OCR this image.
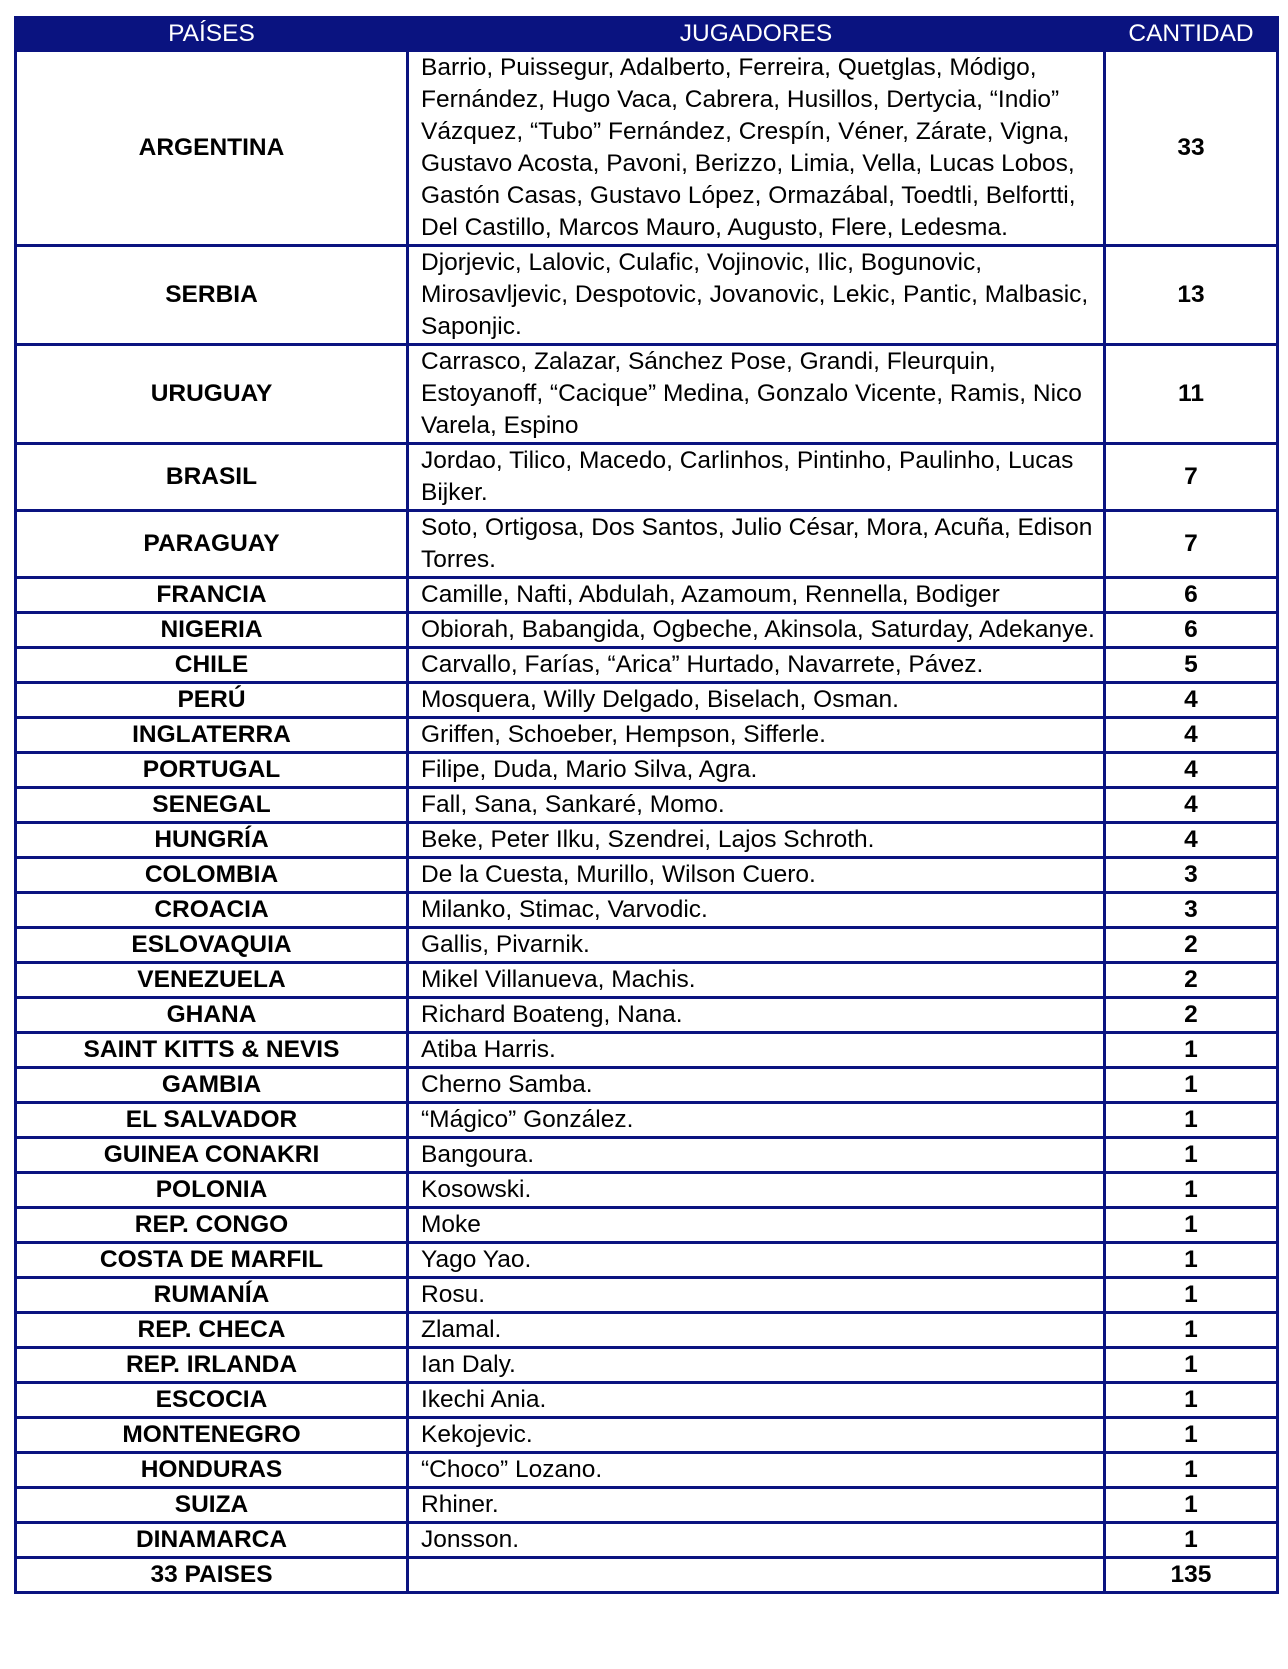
PAÍSES	JUGADORES	CANTIDAD
ARGENTINA	Barrio, Puissegur, Adalberto, Ferreira, Quetglas, Módigo, Fernández, Hugo Vaca, Cabrera, Husillos, Dertycia, “Indio” Vázquez, “Tubo” Fernández, Crespín, Véner, Zárate, Vigna, Gustavo Acosta, Pavoni, Berizzo, Limia, Vella, Lucas Lobos, Gastón Casas, Gustavo López, Ormazábal, Toedtli, Belfortti, Del Castillo, Marcos Mauro, Augusto, Flere, Ledesma.	33
SERBIA	Djorjevic, Lalovic, Culafic, Vojinovic, Ilic, Bogunovic, Mirosavljevic, Despotovic, Jovanovic, Lekic, Pantic, Malbasic, Saponjic.	13
URUGUAY	Carrasco, Zalazar, Sánchez Pose, Grandi, Fleurquin, Estoyanoff, “Cacique” Medina, Gonzalo Vicente, Ramis, Nico Varela, Espino	11
BRASIL	Jordao, Tilico, Macedo, Carlinhos, Pintinho, Paulinho, Lucas Bijker.	7
PARAGUAY	Soto, Ortigosa, Dos Santos, Julio César, Mora, Acuña, Edison Torres.	7
FRANCIA	Camille, Nafti, Abdulah, Azamoum, Rennella, Bodiger	6
NIGERIA	Obiorah, Babangida, Ogbeche, Akinsola, Saturday, Adekanye.	6
CHILE	Carvallo, Farías, “Arica” Hurtado, Navarrete, Pávez.	5
PERÚ	Mosquera, Willy Delgado, Biselach, Osman.	4
INGLATERRA	Griffen, Schoeber, Hempson, Sifferle.	4
PORTUGAL	Filipe, Duda, Mario Silva, Agra.	4
SENEGAL	Fall, Sana, Sankaré, Momo.	4
HUNGRÍA	Beke, Peter Ilku, Szendrei, Lajos Schroth.	4
COLOMBIA	De la Cuesta, Murillo, Wilson Cuero.	3
CROACIA	Milanko, Stimac, Varvodic.	3
ESLOVAQUIA	Gallis, Pivarnik.	2
VENEZUELA	Mikel Villanueva, Machis.	2
GHANA	Richard Boateng, Nana.	2
SAINT KITTS & NEVIS	Atiba Harris.	1
GAMBIA	Cherno Samba.	1
EL SALVADOR	“Mágico” González.	1
GUINEA CONAKRI	Bangoura.	1
POLONIA	Kosowski.	1
REP. CONGO	Moke	1
COSTA DE MARFIL	Yago Yao.	1
RUMANÍA	Rosu.	1
REP. CHECA	Zlamal.	1
REP. IRLANDA	Ian Daly.	1
ESCOCIA	Ikechi Ania.	1
MONTENEGRO	Kekojevic.	1
HONDURAS	“Choco” Lozano.	1
SUIZA	Rhiner.	1
DINAMARCA	Jonsson.	1
33 PAISES		135
